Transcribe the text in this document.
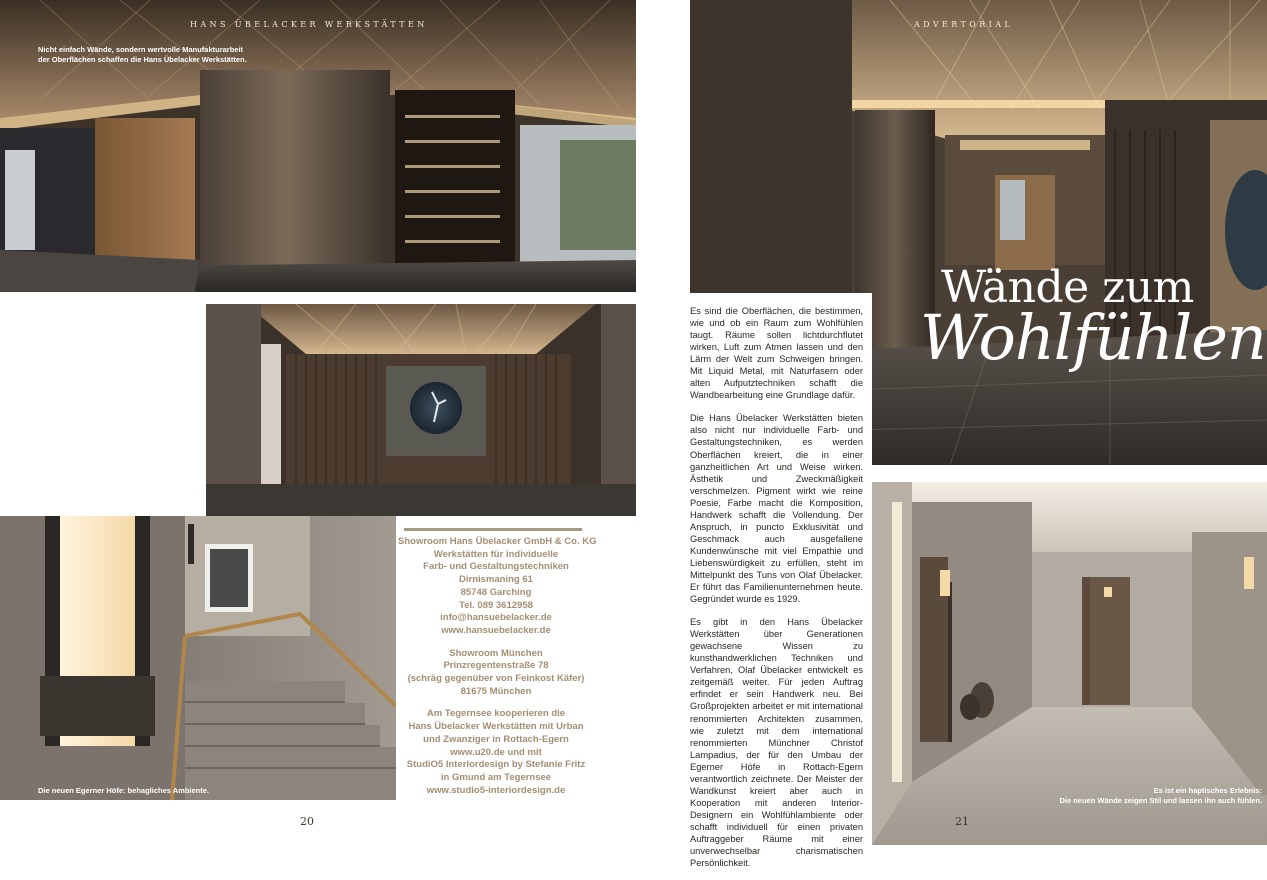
HANS ÜBELACKER WERKSTÄTTEN
Nicht einfach Wände, sondern wertvolle Manufakturarbeit
der Oberflächen schaffen die Hans Übelacker Werkstätten.
Die neuen Egerner Höfe: behagliches Ambiente.
Showroom Hans Übelacker GmbH & Co. KG
Werkstätten für individuelle
Farb- und Gestaltungstechniken
Dirnismaning 61
85748 Garching
Tel. 089 3612958
info@hansuebelacker.de
www.hansuebelacker.de
Showroom München
Prinzregentenstraße 78
(schräg gegenüber von Feinkost Käfer)
81675 München
Am Tegernsee kooperieren die
Hans Übelacker Werkstätten mit Urban
und Zwanziger in Rottach-Egern
www.u20.de und mit
StudiO5 Interiordesign by Stefanie Fritz
in Gmund am Tegernsee
www.studio5-interiordesign.de
20
ADVERTORIAL
Es ist ein haptisches Erlebnis:
Die neuen Wände zeigen Stil und lassen ihn auch fühlen.
21

Es sind die Oberflächen, die bestimmen, wie und ob ein Raum zum Wohlfühlen taugt. Räume sollen lichtdurchflutet wirken, Luft zum Atmen lassen und den Lärm der Welt zum Schweigen bringen. Mit Liquid Metal, mit Naturfasern oder alten Aufputztechniken schafft die Wandbearbeitung eine Grundlage dafür.

Die Hans Übelacker Werkstätten bieten also nicht nur individuelle Farb- und Gestaltungstechniken, es werden Oberflächen kreiert, die in einer ganzheitlichen Art und Weise wirken. Ästhetik und Zweckmäßigkeit verschmelzen. Pigment wirkt wie reine Poesie, Farbe macht die Komposition, Handwerk schafft die Vollendung. Der Anspruch, in puncto Exklusivität und Geschmack auch ausgefallene Kundenwünsche mit viel Empathie und Liebenswürdigkeit zu erfüllen, steht im Mittelpunkt des Tuns von Olaf Übelacker. Er führt das Familienunternehmen heute. Gegründet wurde es 1929.

Es gibt in den Hans Übelacker Werkstätten über Generationen gewachsene Wissen zu kunsthandwerklichen Techniken und Verfahren, Olaf Übelacker entwickelt es zeitgemäß weiter. Für jeden Auftrag erfindet er sein Handwerk neu. Bei Großprojekten arbeitet er mit international renommierten Architekten zusammen, wie zuletzt mit dem international renommierten Münchner Christof Lampadius, der für den Umbau der Egerner Höfe in Rottach-Egern verantwortlich zeichnete. Der Meister der Wandkunst kreiert aber auch in Kooperation mit anderen Interior-Designern ein Wohlfühlambiente oder schafft individuell für einen privaten Auftraggeber Räume mit einer unverwechselbar charismatischen Persönlichkeit.

Wände zum
Wohlfühlen
